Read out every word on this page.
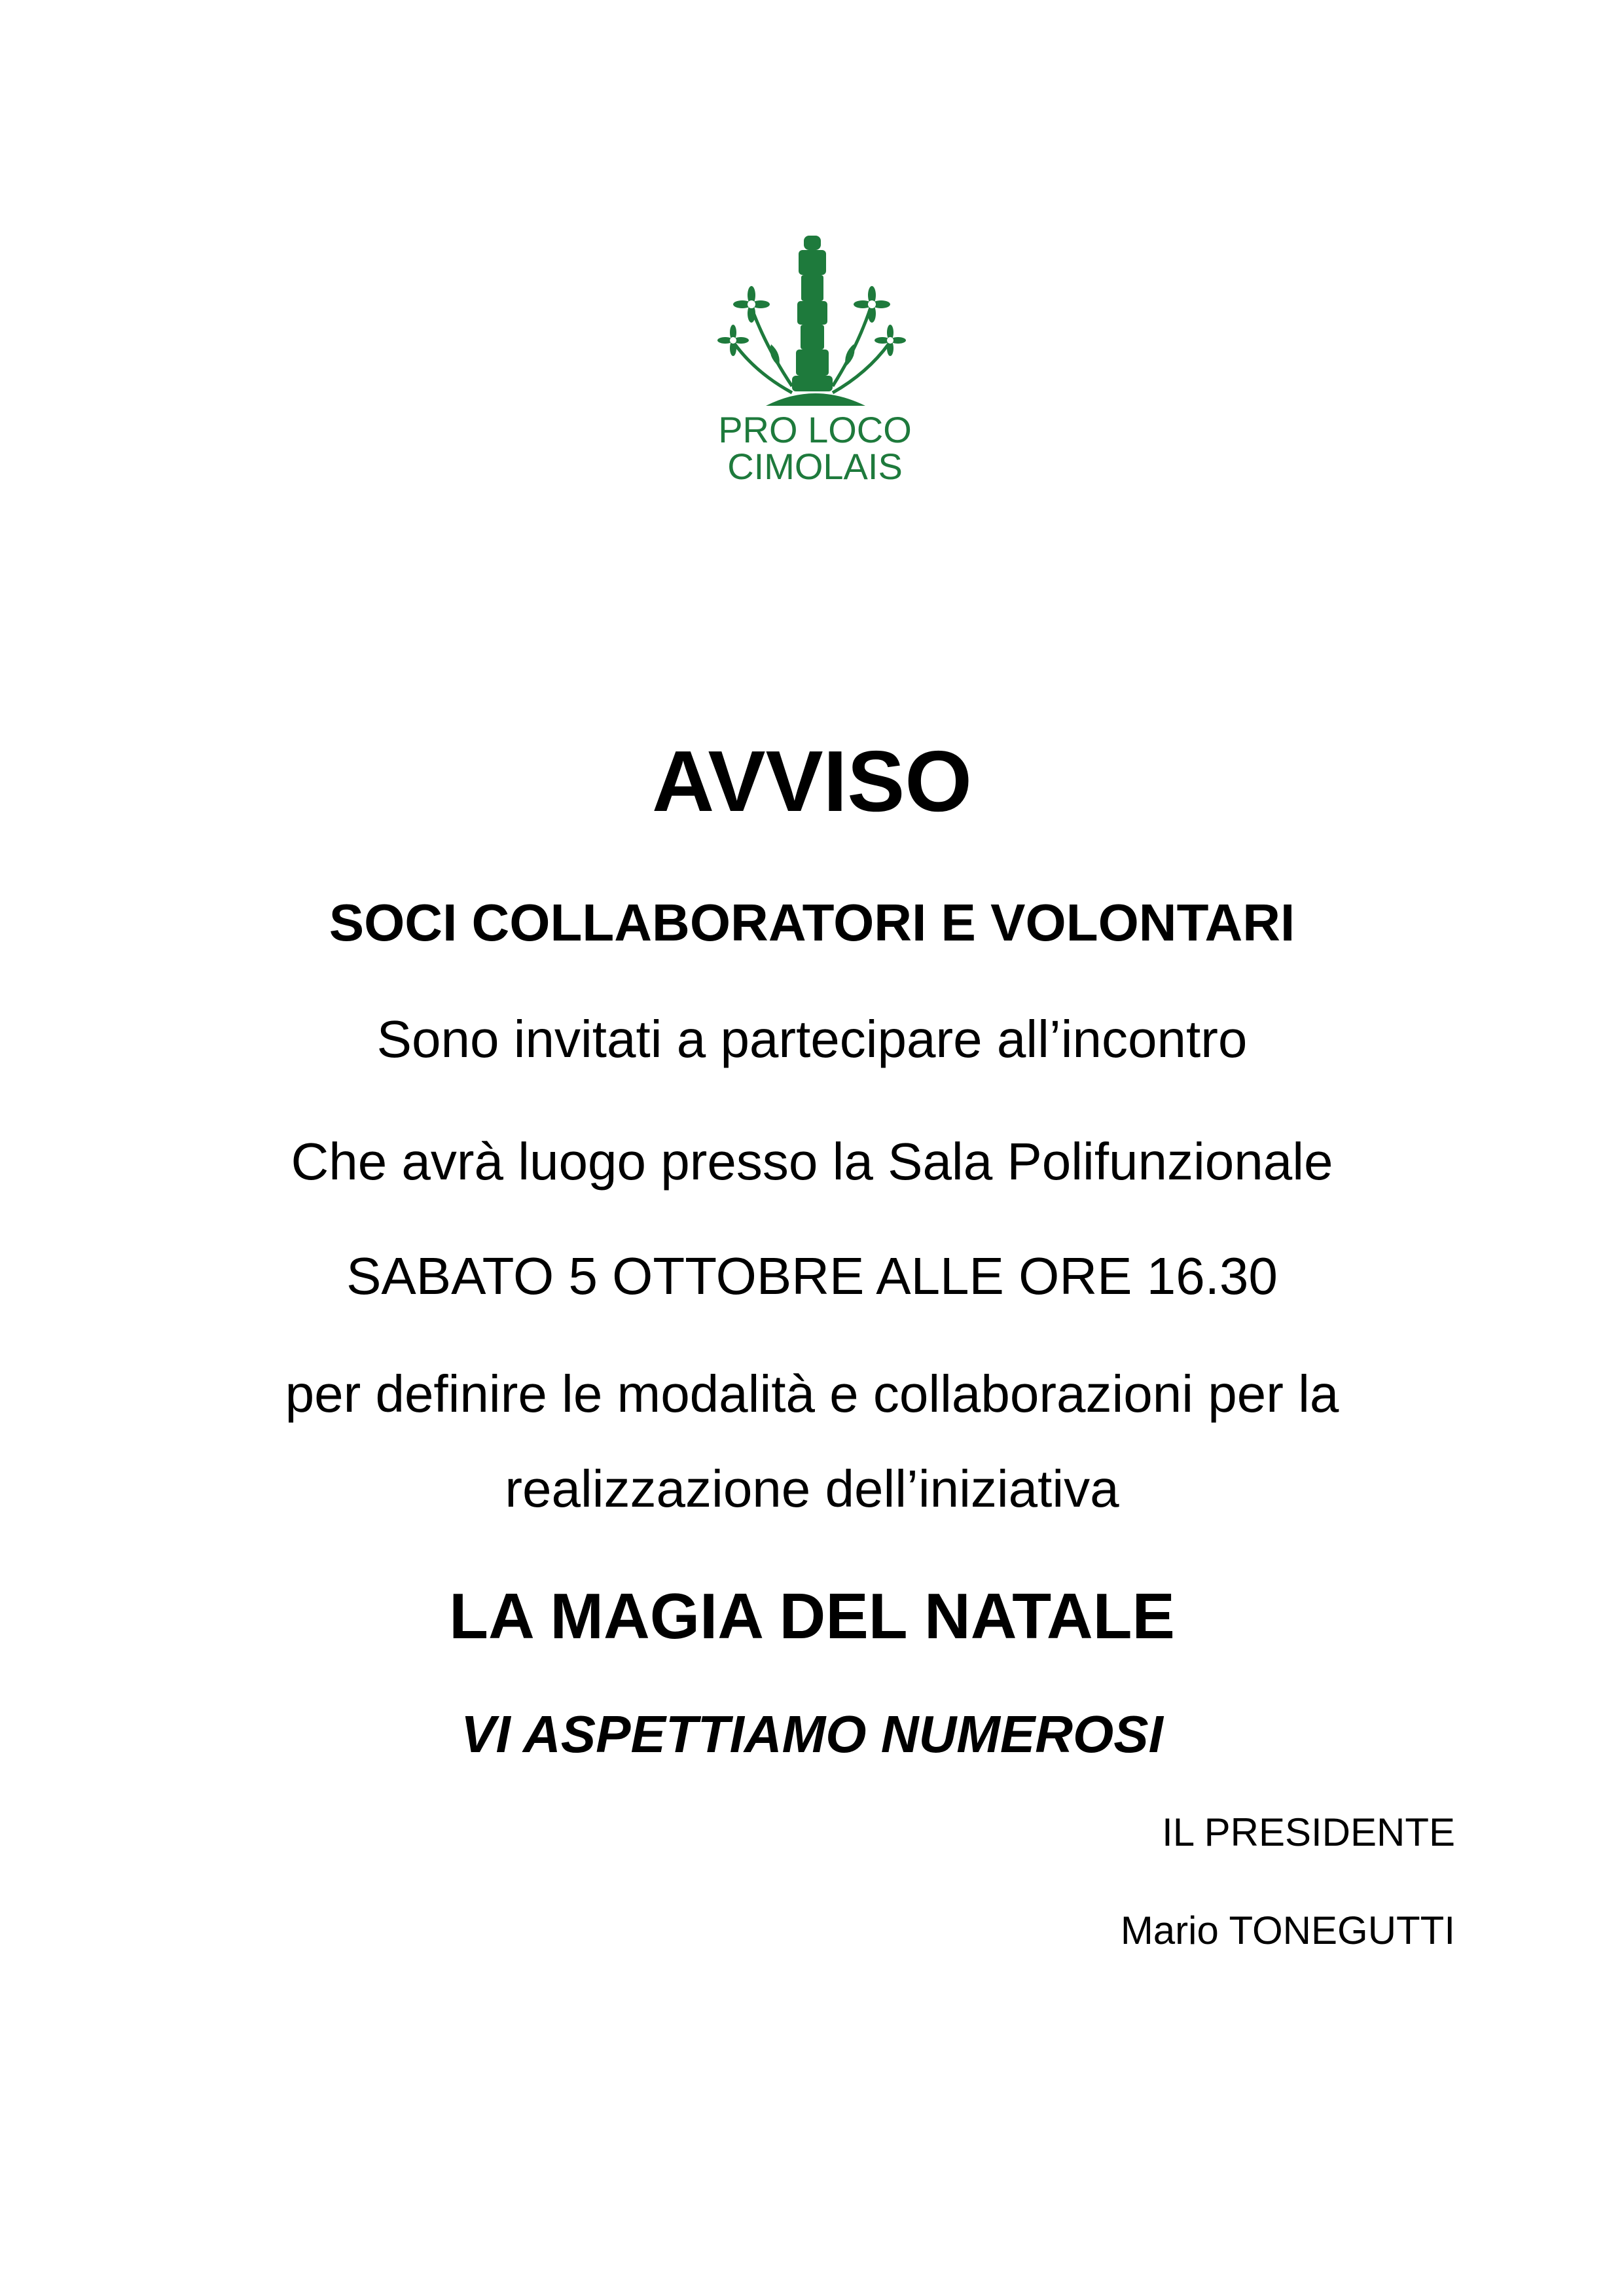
PRO LOCO
CIMOLAIS
AVVISO
SOCI COLLABORATORI E VOLONTARI
Sono invitati a partecipare all’incontro
Che avrà luogo presso la Sala Polifunzionale
SABATO 5 OTTOBRE ALLE ORE 16.30
per definire le modalità e collaborazioni per la
realizzazione dell’iniziativa
LA MAGIA DEL NATALE
VI ASPETTIAMO NUMEROSI
IL PRESIDENTE
Mario TONEGUTTI
